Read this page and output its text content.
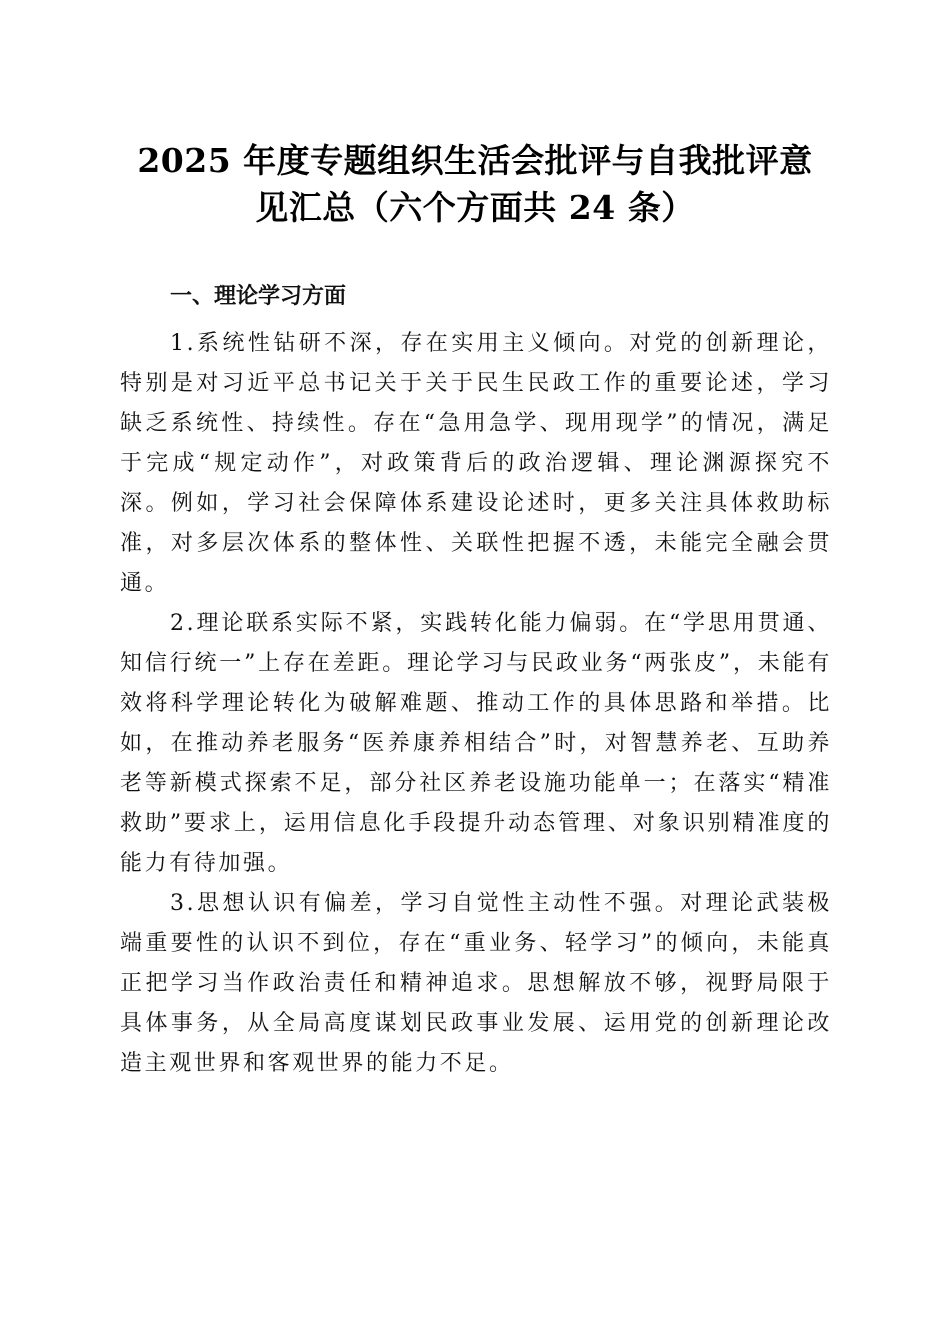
2025 年度专题组织生活会批评与自我批评意
见汇总（六个方面共 24 条）
一、理论学习方面

1.系统性钻研不深，存在实用主义倾向。对党的创新理论，特别是对习近平总书记关于关于民生民政工作的重要论述，学习缺乏系统性、持续性。存在“急用急学、现用现学”的情况，满足于完成“规定动作”，对政策背后的政治逻辑、理论渊源探究不深。例如，学习社会保障体系建设论述时，更多关注具体救助标准，对多层次体系的整体性、关联性把握不透，未能完全融会贯通。

2.理论联系实际不紧，实践转化能力偏弱。在“学思用贯通、知信行统一”上存在差距。理论学习与民政业务“两张皮”，未能有效将科学理论转化为破解难题、推动工作的具体思路和举措。比如，在推动养老服务“医养康养相结合”时，对智慧养老、互助养老等新模式探索不足，部分社区养老设施功能单一；在落实“精准救助”要求上，运用信息化手段提升动态管理、对象识别精准度的能力有待加强。

3.思想认识有偏差，学习自觉性主动性不强。对理论武装极端重要性的认识不到位，存在“重业务、轻学习”的倾向，未能真正把学习当作政治责任和精神追求。思想解放不够，视野局限于具体事务，从全局高度谋划民政事业发展、运用党的创新理论改造主观世界和客观世界的能力不足。
